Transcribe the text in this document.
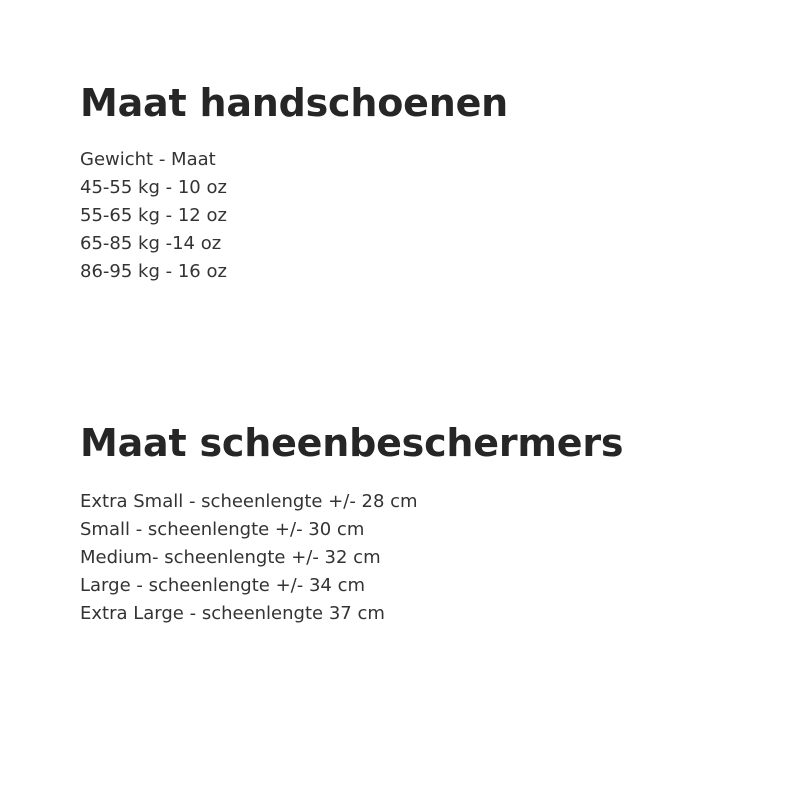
Maat handschoenen
Gewicht - Maat
45-55 kg - 10 oz
55-65 kg - 12 oz
65-85 kg -14 oz
86-95 kg - 16 oz
Maat scheenbeschermers
Extra Small - scheenlengte +/- 28 cm
Small - scheenlengte +/- 30 cm
Medium- scheenlengte +/- 32 cm
Large - scheenlengte +/- 34 cm
Extra Large - scheenlengte 37 cm
